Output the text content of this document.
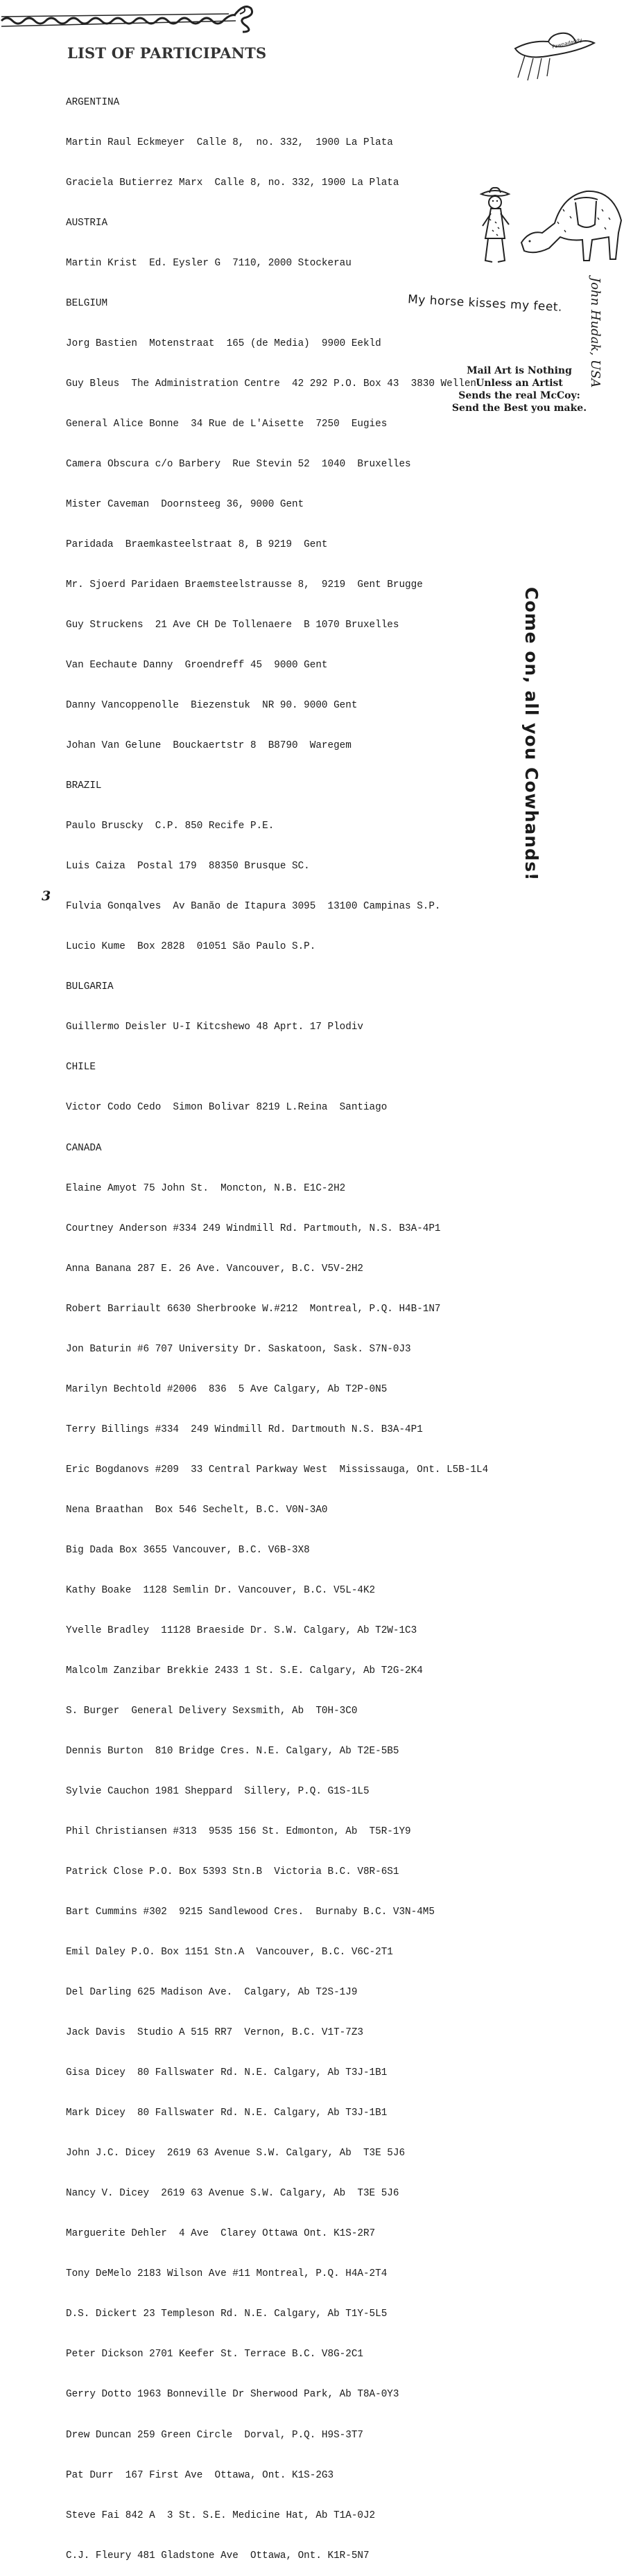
LIST OF PARTICIPANTS
Pawnadaddy

ARGENTINA

Martin Raul Eckmeyer  Calle 8,  no. 332,  1900 La Plata

Graciela Butierrez Marx  Calle 8, no. 332, 1900 La Plata

AUSTRIA

Martin Krist  Ed. Eysler G  7110, 2000 Stockerau

BELGIUM

Jorg Bastien  Motenstraat  165 (de Media)  9900 Eekld

Guy Bleus  The Administration Centre  42 292 P.O. Box 43  3830 Wellen

General Alice Bonne  34 Rue de L'Aisette  7250  Eugies

Camera Obscura c/o Barbery  Rue Stevin 52  1040  Bruxelles

Mister Caveman  Doornsteeg 36, 9000 Gent

Paridada  Braemkasteelstraat 8, B 9219  Gent

Mr. Sjoerd Paridaen Braemsteelstrausse 8,  9219  Gent Brugge

Guy Struckens  21 Ave CH De Tollenaere  B 1070 Bruxelles

Van Eechaute Danny  Groendreff 45  9000 Gent

Danny Vancoppenolle  Biezenstuk  NR 90. 9000 Gent

Johan Van Gelune  Bouckaertstr 8  B8790  Waregem

BRAZIL

Paulo Bruscky  C.P. 850 Recife P.E.

Luis Caiza  Postal 179  88350 Brusque SC.

Fulvia Gonqalves  Av Banão de Itapura 3095  13100 Campinas S.P.

Lucio Kume  Box 2828  01051 São Paulo S.P.

BULGARIA

Guillermo Deisler U-I Kitcshewo 48 Aprt. 17 Plodiv

CHILE

Victor Codo Cedo  Simon Bolivar 8219 L.Reina  Santiago

CANADA

Elaine Amyot 75 John St.  Moncton, N.B. E1C-2H2

Courtney Anderson #334 249 Windmill Rd. Partmouth, N.S. B3A-4P1

Anna Banana 287 E. 26 Ave. Vancouver, B.C. V5V-2H2

Robert Barriault 6630 Sherbrooke W.#212  Montreal, P.Q. H4B-1N7

Jon Baturin #6 707 University Dr. Saskatoon, Sask. S7N-0J3

Marilyn Bechtold #2006  836  5 Ave Calgary, Ab T2P-0N5

Terry Billings #334  249 Windmill Rd. Dartmouth N.S. B3A-4P1

Eric Bogdanovs #209  33 Central Parkway West  Mississauga, Ont. L5B-1L4

Nena Braathan  Box 546 Sechelt, B.C. V0N-3A0

Big Dada Box 3655 Vancouver, B.C. V6B-3X8

Kathy Boake  1128 Semlin Dr. Vancouver, B.C. V5L-4K2

Yvelle Bradley  11128 Braeside Dr. S.W. Calgary, Ab T2W-1C3

Malcolm Zanzibar Brekkie 2433 1 St. S.E. Calgary, Ab T2G-2K4

S. Burger  General Delivery Sexsmith, Ab  T0H-3C0

Dennis Burton  810 Bridge Cres. N.E. Calgary, Ab T2E-5B5

Sylvie Cauchon 1981 Sheppard  Sillery, P.Q. G1S-1L5

Phil Christiansen #313  9535 156 St. Edmonton, Ab  T5R-1Y9

Patrick Close P.O. Box 5393 Stn.B  Victoria B.C. V8R-6S1

Bart Cummins #302  9215 Sandlewood Cres.  Burnaby B.C. V3N-4M5

Emil Daley P.O. Box 1151 Stn.A  Vancouver, B.C. V6C-2T1

Del Darling 625 Madison Ave.  Calgary, Ab T2S-1J9

Jack Davis  Studio A 515 RR7  Vernon, B.C. V1T-7Z3

Gisa Dicey  80 Fallswater Rd. N.E. Calgary, Ab T3J-1B1

Mark Dicey  80 Fallswater Rd. N.E. Calgary, Ab T3J-1B1

John J.C. Dicey  2619 63 Avenue S.W. Calgary, Ab  T3E 5J6

Nancy V. Dicey  2619 63 Avenue S.W. Calgary, Ab  T3E 5J6

Marguerite Dehler  4 Ave  Clarey Ottawa Ont. K1S-2R7

Tony DeMelo 2183 Wilson Ave #11 Montreal, P.Q. H4A-2T4

D.S. Dickert 23 Templeson Rd. N.E. Calgary, Ab T1Y-5L5

Peter Dickson 2701 Keefer St. Terrace B.C. V8G-2C1

Gerry Dotto 1963 Bonneville Dr Sherwood Park, Ab T8A-0Y3

Drew Duncan 259 Green Circle  Dorval, P.Q. H9S-3T7

Pat Durr  167 First Ave  Ottawa, Ont. K1S-2G3

Steve Fai 842 A  3 St. S.E. Medicine Hat, Ab T1A-0J2

C.J. Fleury 481 Gladstone Ave  Ottawa, Ont. K1R-5N7

My horse kisses my feet.
Mail Art is Nothing
Unless an Artist
Sends the real McCoy:
Send the Best you make.
John Hudak, USA
Come on, all you Cowhands!
3
